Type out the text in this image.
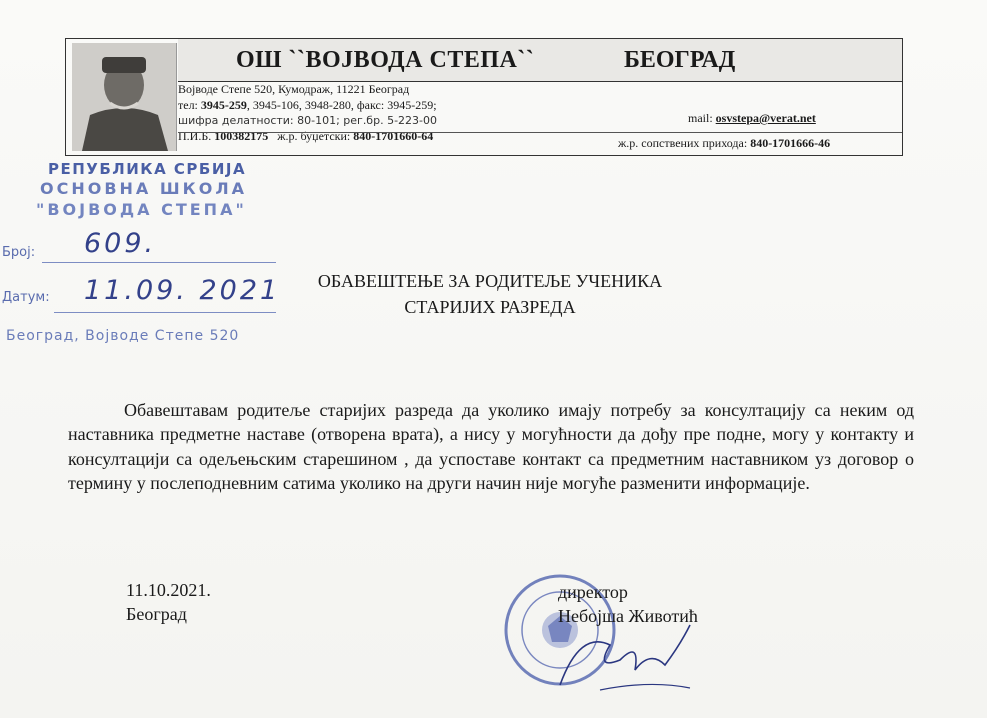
ОШ ``ВОЈВОДА СТЕПА``	БЕОГРАД
Војводе Степе 520, Кумодраж, 11221 Београд
тел: 3945-259, 3945-106, 3948-280, факс: 3945-259;
шифра делатности: 80-101; рег.бр. 5-223-00
П.И.Б. 100382175   ж.р. буџетски: 840-1701660-64
mail: osvstepa@verat.net
ж.р. сопствених прихода: 840-1701666-46
РЕПУБЛИКА СРБИЈА
ОСНОВНА ШКОЛА
"ВОЈВОДА СТЕПА"
Број: 609.
Датум: 11.09. 2021
Београд, Војводе Степе 520
ОБАВЕШТЕЊЕ ЗА РОДИТЕЉЕ УЧЕНИКА
СТАРИЈИХ РАЗРЕДА
Обавештавам родитеље старијих разреда да уколико имају потребу за консултацију са неким од наставника предметне наставе (отворена врата), а нису у могућности да дођу пре подне, могу у контакту и консултацији са одељењским старешином , да успоставе контакт са предметним наставником уз договор о термину у послеподневним сатима уколико на други начин није могуће разменити информације.
11.10.2021.
Београд
директор
Небојша Животић
